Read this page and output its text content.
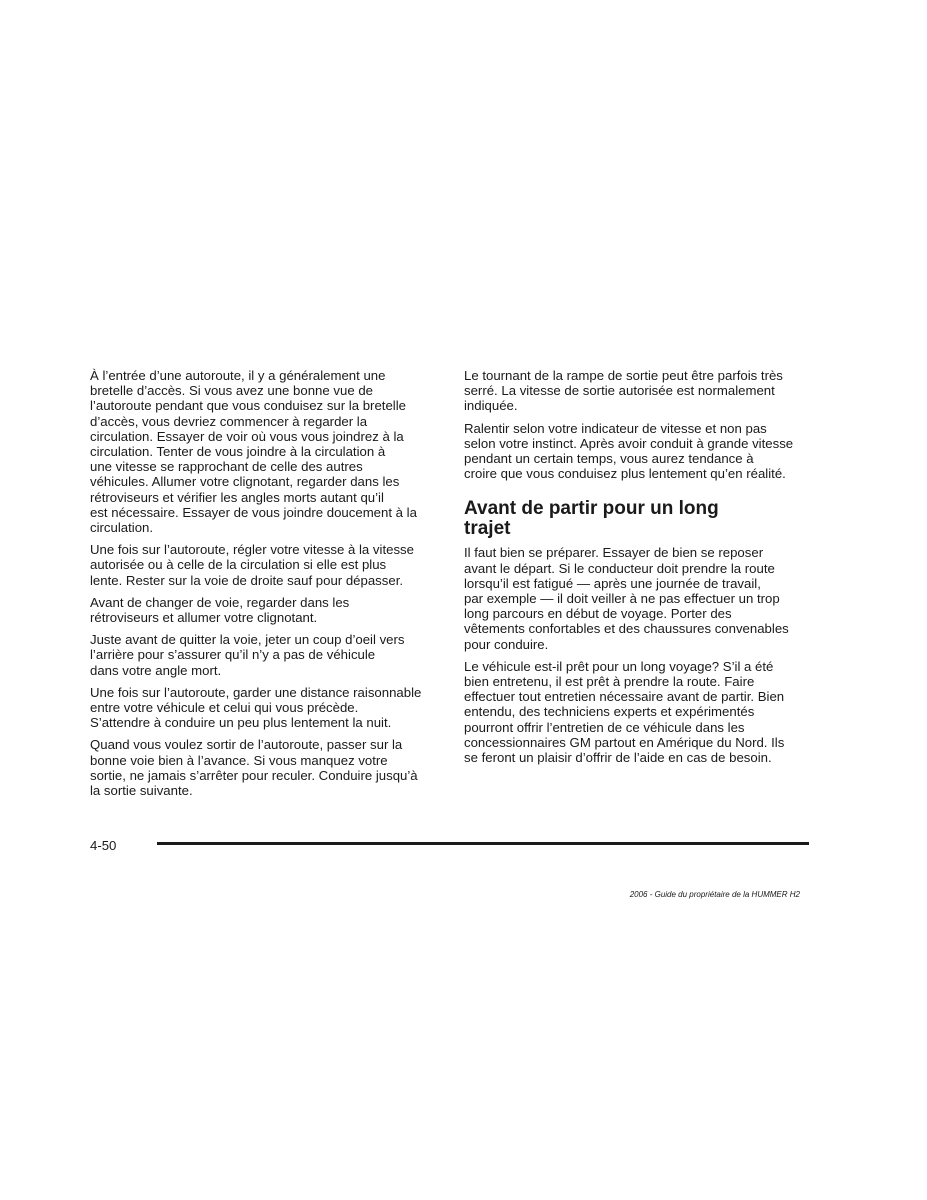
À l’entrée d’une autoroute, il y a généralement une
bretelle d’accès. Si vous avez une bonne vue de
l’autoroute pendant que vous conduisez sur la bretelle
d’accès, vous devriez commencer à regarder la
circulation. Essayer de voir où vous vous joindrez à la
circulation. Tenter de vous joindre à la circulation à
une vitesse se rapprochant de celle des autres
véhicules. Allumer votre clignotant, regarder dans les
rétroviseurs et vérifier les angles morts autant qu’il
est nécessaire. Essayer de vous joindre doucement à la
circulation.

Une fois sur l’autoroute, régler votre vitesse à la vitesse
autorisée ou à celle de la circulation si elle est plus
lente. Rester sur la voie de droite sauf pour dépasser.

Avant de changer de voie, regarder dans les
rétroviseurs et allumer votre clignotant.

Juste avant de quitter la voie, jeter un coup d’oeil vers
l’arrière pour s’assurer qu’il n’y a pas de véhicule
dans votre angle mort.

Une fois sur l’autoroute, garder une distance raisonnable
entre votre véhicule et celui qui vous précède.
S’attendre à conduire un peu plus lentement la nuit.

Quand vous voulez sortir de l’autoroute, passer sur la
bonne voie bien à l’avance. Si vous manquez votre
sortie, ne jamais s’arrêter pour reculer. Conduire jusqu’à
la sortie suivante.

Le tournant de la rampe de sortie peut être parfois très
serré. La vitesse de sortie autorisée est normalement
indiquée.

Ralentir selon votre indicateur de vitesse et non pas
selon votre instinct. Après avoir conduit à grande vitesse
pendant un certain temps, vous aurez tendance à
croire que vous conduisez plus lentement qu’en réalité.

Avant de partir pour un long
trajet

Il faut bien se préparer. Essayer de bien se reposer
avant le départ. Si le conducteur doit prendre la route
lorsqu’il est fatigué — après une journée de travail,
par exemple — il doit veiller à ne pas effectuer un trop
long parcours en début de voyage. Porter des
vêtements confortables et des chaussures convenables
pour conduire.

Le véhicule est-il prêt pour un long voyage? S’il a été
bien entretenu, il est prêt à prendre la route. Faire
effectuer tout entretien nécessaire avant de partir. Bien
entendu, des techniciens experts et expérimentés
pourront offrir l’entretien de ce véhicule dans les
concessionnaires GM partout en Amérique du Nord. Ils
se feront un plaisir d’offrir de l’aide en cas de besoin.

4-50
2006 - Guide du propriétaire de la HUMMER H2
